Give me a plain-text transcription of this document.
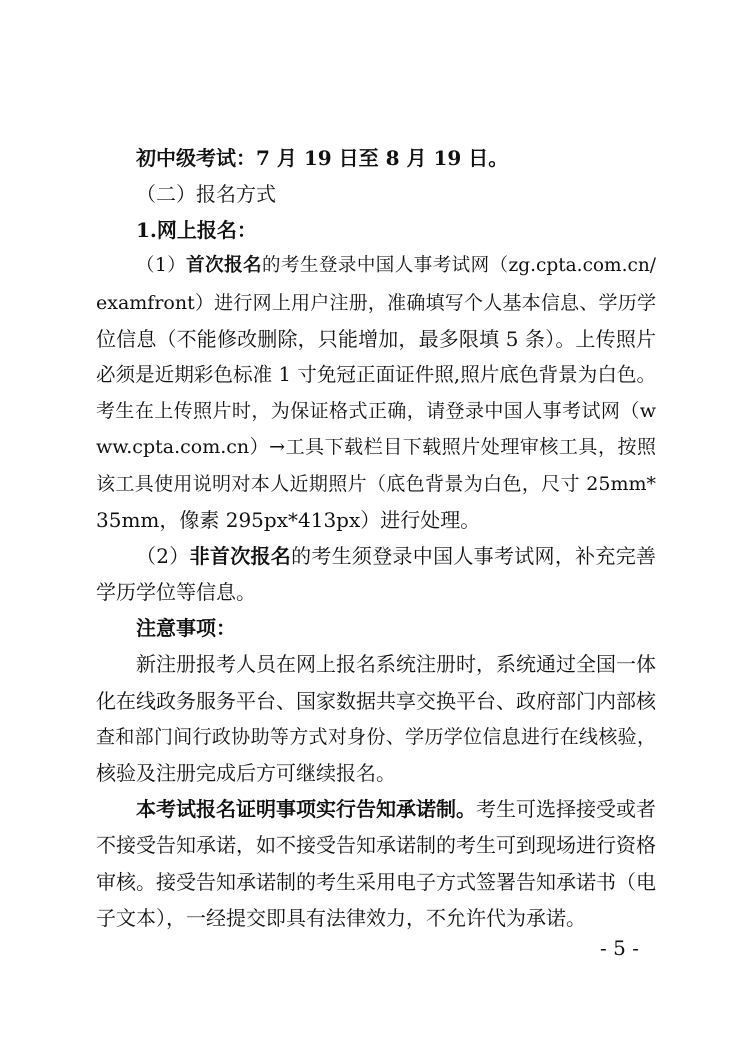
初中级考试：7 月 19 日至 8 月 19 日。
（二）报名方式
1.网上报名：
（1）首次报名的考生登录中国人事考试网（zg.cpta.com.cn/
examfront）进行网上用户注册，准确填写个人基本信息、学历学
位信息（不能修改删除，只能增加，最多限填 5 条）。上传照片
必须是近期彩色标准 1 寸免冠正面证件照,照片底色背景为白色。
考生在上传照片时，为保证格式正确，请登录中国人事考试网（w
ww.cpta.com.cn）→工具下载栏目下载照片处理审核工具，按照
该工具使用说明对本人近期照片（底色背景为白色，尺寸 25mm*
35mm，像素 295px*413px）进行处理。
（2）非首次报名的考生须登录中国人事考试网，补充完善
学历学位等信息。
注意事项：
新注册报考人员在网上报名系统注册时，系统通过全国一体
化在线政务服务平台、国家数据共享交换平台、政府部门内部核
查和部门间行政协助等方式对身份、学历学位信息进行在线核验，
核验及注册完成后方可继续报名。
本考试报名证明事项实行告知承诺制。考生可选择接受或者
不接受告知承诺，如不接受告知承诺制的考生可到现场进行资格
审核。接受告知承诺制的考生采用电子方式签署告知承诺书（电
子文本），一经提交即具有法律效力，不允许代为承诺。
- 5 -
